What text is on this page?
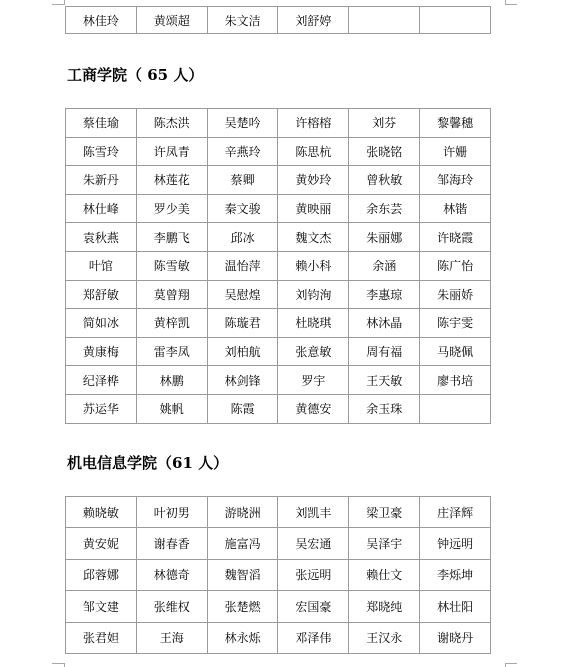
林佳玲	黄颂超	朱文洁	刘舒婷		
工商学院（ 65 人）
蔡佳瑜	陈杰洪	吴楚吟	许榕榕	刘芬	黎馨穗
陈雪玲	许凤青	辛燕玲	陈思杭	张晓铭	许姗
朱新丹	林莲花	蔡卿	黄妙玲	曾秋敏	邹海玲
林仕峰	罗少美	秦文骏	黄映丽	余东芸	林锴
袁秋燕	李鹏飞	邱冰	魏文杰	朱丽娜	许晓霞
叶馆	陈雪敏	温怡萍	赖小科	余涵	陈广怡
郑舒敏	莫曾翔	吴慰煌	刘钧洵	李惠琼	朱丽娇
简如冰	黄梓凯	陈璇君	杜晓琪	林沐晶	陈宇雯
黄康梅	雷李凤	刘柏航	张意敏	周有福	马晓佩
纪泽桦	林鹏	林剑锋	罗宇	王天敏	廖书培
苏运华	姚帆	陈霞	黄德安	余玉珠	
机电信息学院（61 人）
赖晓敏	叶初男	游晓洲	刘凯丰	梁卫豪	庄泽辉
黄安妮	谢春香	施富冯	吴宏通	吴泽宇	钟远明
邱蓉娜	林德奇	魏智滔	张远明	赖仕文	李烁坤
邹文建	张维权	张楚燃	宏国豪	郑晓纯	林壮阳
张君妲	王海	林永烁	邓泽伟	王汉永	谢晓丹
